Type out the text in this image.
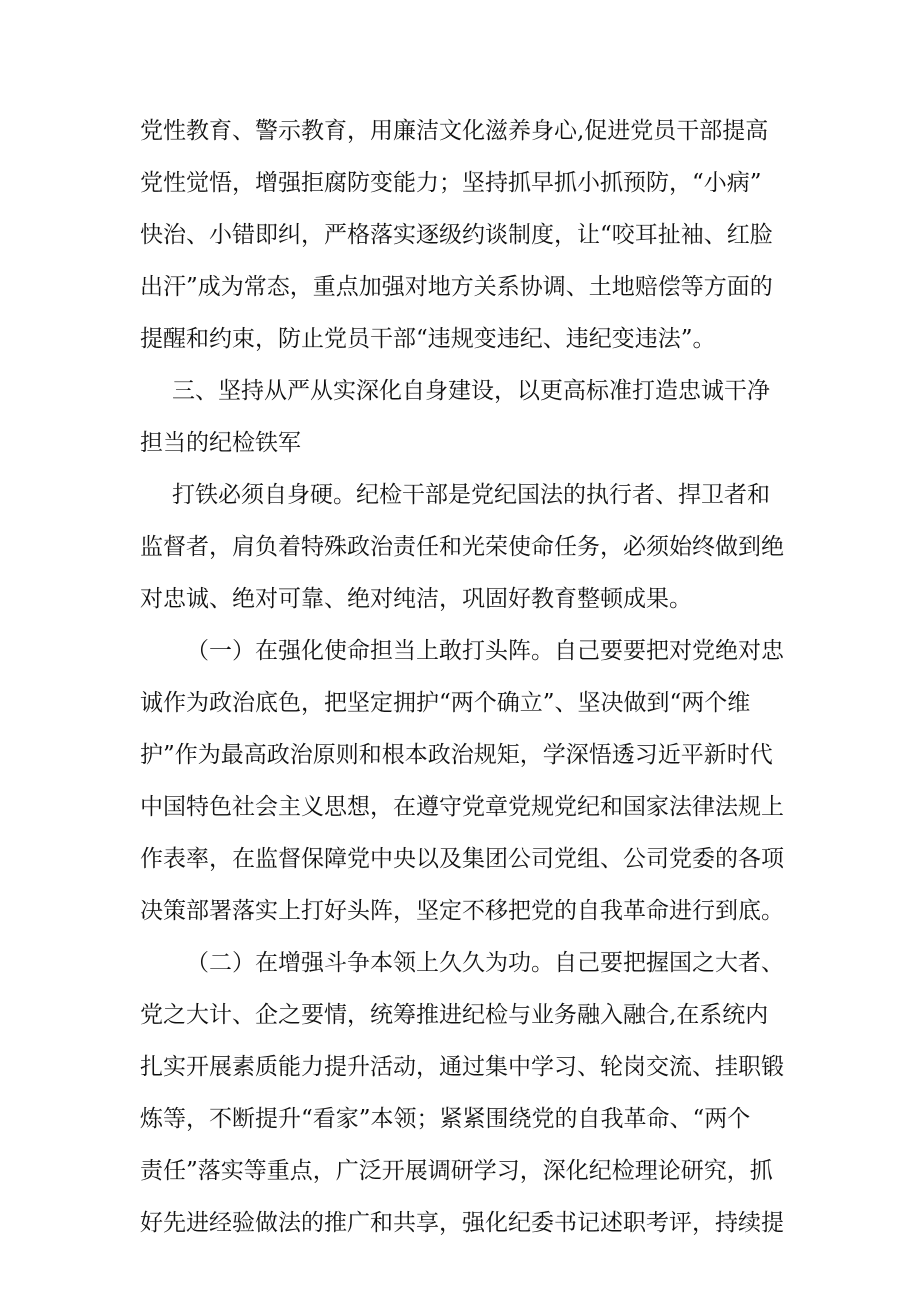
党性教育、警示教育，用廉洁文化滋养身心,促进党员干部提高
党性觉悟，增强拒腐防变能力；坚持抓早抓小抓预防，“小病”
快治、小错即纠，严格落实逐级约谈制度，让“咬耳扯袖、红脸
出汗”成为常态，重点加强对地方关系协调、土地赔偿等方面的
提醒和约束，防止党员干部“违规变违纪、违纪变违法”。
三、坚持从严从实深化自身建设，以更高标准打造忠诚干净
担当的纪检铁军
打铁必须自身硬。纪检干部是党纪国法的执行者、捍卫者和
监督者，肩负着特殊政治责任和光荣使命任务，必须始终做到绝
对忠诚、绝对可靠、绝对纯洁，巩固好教育整顿成果。
（一）在强化使命担当上敢打头阵。自己要要把对党绝对忠
诚作为政治底色，把坚定拥护“两个确立”、坚决做到“两个维
护”作为最高政治原则和根本政治规矩，学深悟透习近平新时代
中国特色社会主义思想，在遵守党章党规党纪和国家法律法规上
作表率，在监督保障党中央以及集团公司党组、公司党委的各项
决策部署落实上打好头阵，坚定不移把党的自我革命进行到底。
（二）在增强斗争本领上久久为功。自己要把握国之大者、
党之大计、企之要情，统筹推进纪检与业务融入融合,在系统内
扎实开展素质能力提升活动，通过集中学习、轮岗交流、挂职锻
炼等，不断提升“看家”本领；紧紧围绕党的自我革命、“两个
责任”落实等重点，广泛开展调研学习，深化纪检理论研究，抓
好先进经验做法的推广和共享，强化纪委书记述职考评，持续提
